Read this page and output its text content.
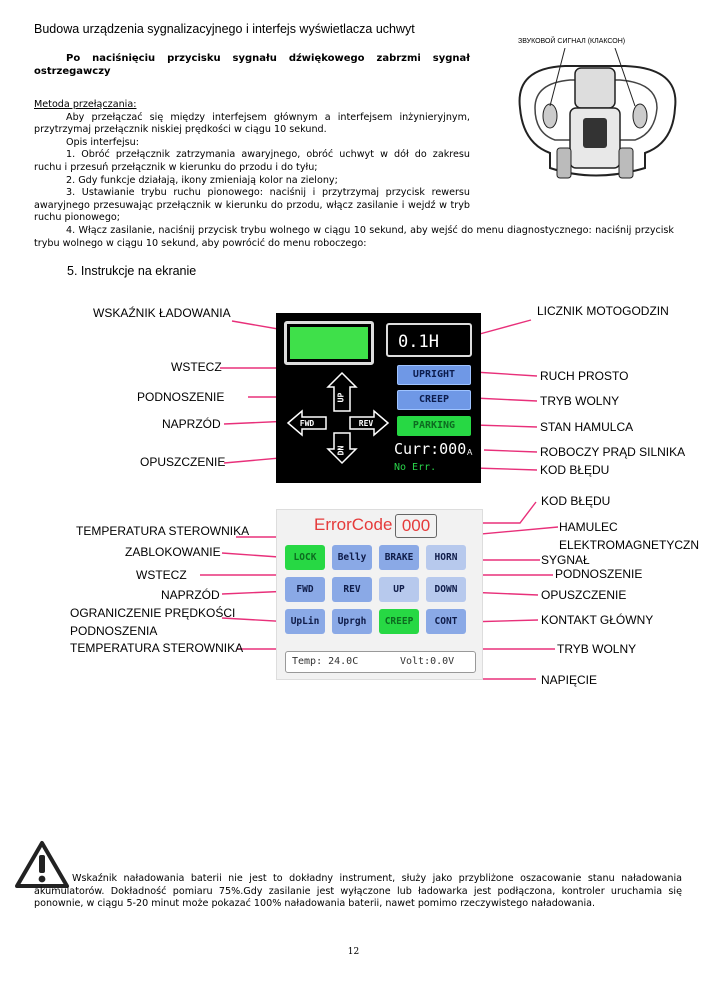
Budowa urządzenia sygnalizacyjnego i interfejs wyświetlacza uchwyt
Po naciśnięciu przycisku sygnału dźwiękowego zabrzmi sygnał ostrzegawczy

Metoda przełączania:

Aby przełączać się między interfejsem głównym a interfejsem inżynieryjnym, przytrzymaj przełącznik niskiej prędkości w ciągu 10 sekund.

Opis interfejsu:

1. Obróć przełącznik zatrzymania awaryjnego, obróć uchwyt w dół do zakresu ruchu i przesuń przełącznik w kierunku do przodu i do tyłu;

2. Gdy funkcje działają, ikony zmieniają kolor na zielony;

3. Ustawianie trybu ruchu pionowego: naciśnij i przytrzymaj przycisk rewersu awaryjnego przesuwając przełącznik w kierunku do przodu, włącz zasilanie i wejdź w tryb ruchu pionowego;

4. Włącz zasilanie, naciśnij przycisk trybu wolnego w ciągu 10 sekund, aby wejść do menu diagnostycznego: naciśnij przycisk trybu wolnego w ciągu 10 sekund, aby powrócić do menu roboczego:

ЗВУКОВОЙ СИГНАЛ (КЛАКСОН)
5. Instrukcje na ekranie
WSKAŹNIK ŁADOWANIA	LICZNIK MOTOGODZIN
WSTECZ
PODNOSZENIE
NAPRZÓD
OPUSZCZENIE
RUCH PROSTO
TRYB WOLNY
STAN HAMULCA
ROBOCZY PRĄD SILNIKA
KOD BŁĘDU
0.1H
UPRIGHT
CREEP
PARKING
UP
FWD	REV
DN	Curr:000 A
No Err.
KOD BŁĘDU
TEMPERATURA STEROWNIKA
ZABLOKOWANIE
WSTECZ
NAPRZÓD
OGRANICZENIE PRĘDKOŚCI
PODNOSZENIA
TEMPERATURA STEROWNIKA
HAMULEC
ELEKTROMAGNETYCZN
SYGNAŁ
PODNOSZENIE
OPUSZCZENIE
KONTAKT GŁÓWNY
TRYB WOLNY
NAPIĘCIE
ErrorCode 000
LOCK	Belly	BRAKE	HORN
FWD	REV	UP	DOWN
UpLin	Uprgh	CREEP	CONT
Temp: 24.0C	Volt:0.0V
Wskaźnik naładowania baterii nie jest to dokładny instrument, służy jako przybliżone oszacowanie stanu naładowania akumulatorów. Dokładność pomiaru 75%.Gdy zasilanie jest wyłączone lub ładowarka jest podłączona, kontroler uruchamia się ponownie, w ciągu 5-20 minut może pokazać 100% naładowania baterii, nawet pomimo rzeczywistego naładowania.
12
